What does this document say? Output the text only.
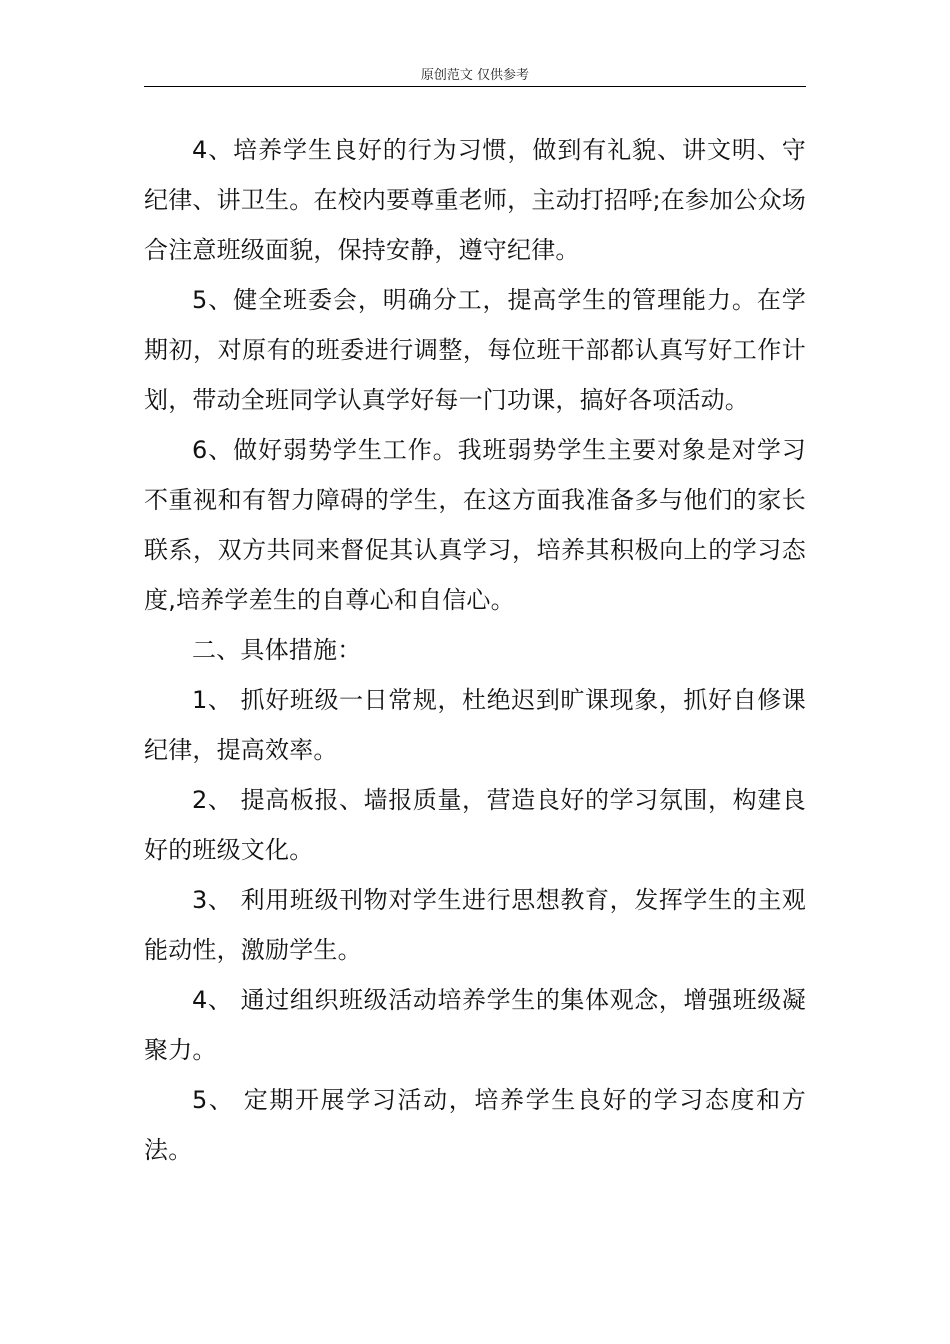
原创范文 仅供参考

4、培养学生良好的行为习惯，做到有礼貌、讲文明、守纪律、讲卫生。在校内要尊重老师，主动打招呼;在参加公众场合注意班级面貌，保持安静，遵守纪律。

5、健全班委会，明确分工，提高学生的管理能力。在学期初，对原有的班委进行调整，每位班干部都认真写好工作计划，带动全班同学认真学好每一门功课，搞好各项活动。

6、做好弱势学生工作。我班弱势学生主要对象是对学习不重视和有智力障碍的学生，在这方面我准备多与他们的家长联系，双方共同来督促其认真学习，培养其积极向上的学习态度,培养学差生的自尊心和自信心。

二、具体措施：

1、 抓好班级一日常规，杜绝迟到旷课现象，抓好自修课纪律，提高效率。

2、 提高板报、墙报质量，营造良好的学习氛围，构建良好的班级文化。

3、 利用班级刊物对学生进行思想教育，发挥学生的主观能动性，激励学生。

4、 通过组织班级活动培养学生的集体观念，增强班级凝聚力。

5、 定期开展学习活动，培养学生良好的学习态度和方法。
